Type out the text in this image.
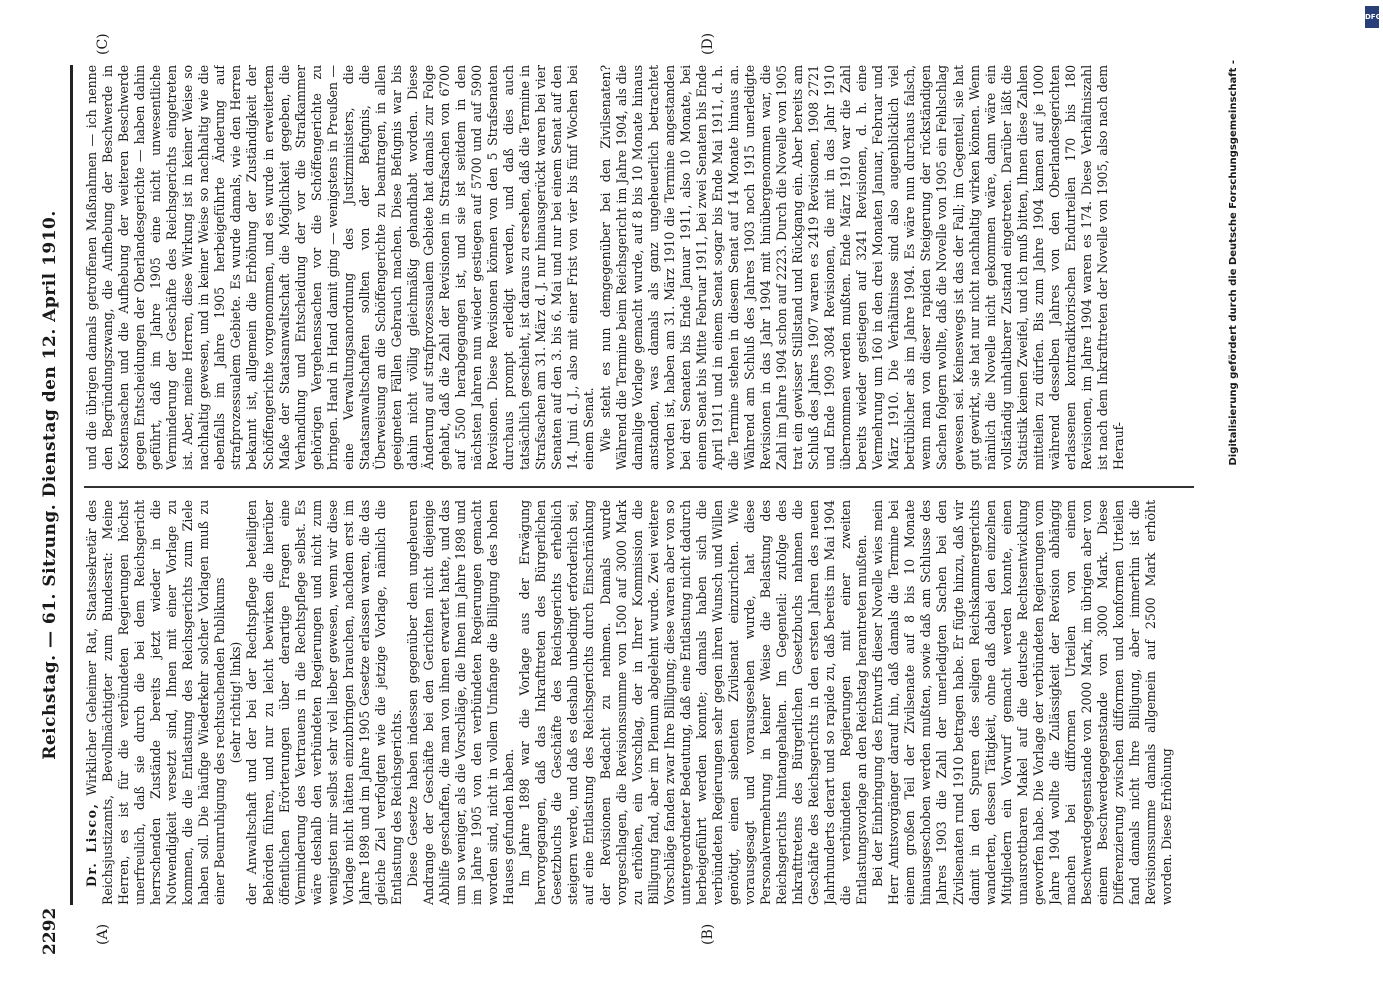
2292
Reichstag. — 61. Sitzung. Dienstag den 12. April 1910.
(A)	(B)
(C)	(D)

Dr. Lisco, Wirklicher Geheimer Rat, Staatssekretär des Reichsjustizamts, Bevollmächtigter zum Bundesrat: Meine Herren, es ist für die verbündeten Regierungen höchst unerfreulich, daß sie durch die bei dem Reichsgericht herrschenden Zustände bereits jetzt wieder in die Notwendigkeit versetzt sind, Ihnen mit einer Vorlage zu kommen, die die Entlastung des Reichsgerichts zum Ziele haben soll. Die häufige Wiederkehr solcher Vorlagen muß zu einer Beunruhigung des rechtsuchenden Publikums (sehr richtig! links) der Anwaltschaft und der bei der Rechtspflege beteiligten Behörden führen, und nur zu leicht bewirken die hierüber öffentlichen Erörterungen über derartige Fragen eine Verminderung des Vertrauens in die Rechtspflege selbst. Es wäre deshalb den verbündeten Regierungen und nicht zum wenigsten mir selbst sehr viel lieber gewesen, wenn wir diese Vorlage nicht hätten einzubringen brauchen, nachdem erst im Jahre 1898 und im Jahre 1905 Gesetze erlassen waren, die das gleiche Ziel verfolgten wie die jetzige Vorlage, nämlich die Entlastung des Reichsgerichts. Diese Gesetze haben indessen gegenüber dem ungeheuren Andrange der Geschäfte bei den Gerichten nicht diejenige Abhilfe geschaffen, die man von ihnen erwartet hatte, und das um so weniger, als die Vorschläge, die Ihnen im Jahre 1898 und im Jahre 1905 von den verbündeten Regierungen gemacht worden sind, nicht in vollem Umfange die Billigung des hohen Hauses gefunden haben. Im Jahre 1898 war die Vorlage aus der Erwägung hervorgegangen, daß das Inkrafttreten des Bürgerlichen Gesetzbuchs die Geschäfte des Reichsgerichts erheblich steigern werde, und daß es deshalb unbedingt erforderlich sei, auf eine Entlastung des Reichsgerichts durch Einschränkung der Revisionen Bedacht zu nehmen. Damals wurde vorgeschlagen, die Revisionssumme von 1500 auf 3000 Mark zu erhöhen, ein Vorschlag, der in Ihrer Kommission die Billigung fand, aber im Plenum abgelehnt wurde. Zwei weitere Vorschläge fanden zwar Ihre Billigung; diese waren aber von so untergeordneter Bedeutung, daß eine Entlastung nicht dadurch herbeigeführt werden konnte; damals haben sich die verbündeten Regierungen sehr gegen ihren Wunsch und Willen genötigt, einen siebenten Zivilsenat einzurichten. Wie vorausgesagt und vorausgesehen wurde, hat diese Personalvermehrung in keiner Weise die Belastung des Reichsgerichts hintangehalten. Im Gegenteil: zufolge des Inkrafttretens des Bürgerlichen Gesetzbuchs nahmen die Geschäfte des Reichsgerichts in den ersten Jahren des neuen Jahrhunderts derart und so rapide zu, daß bereits im Mai 1904 die verbündeten Regierungen mit einer zweiten Entlastungsvorlage an den Reichstag herantreten mußten. Bei der Einbringung des Entwurfs dieser Novelle wies mein Herr Amtsvorgänger darauf hin, daß damals die Termine bei einem großen Teil der Zivilsenate auf 8 bis 10 Monate hinausgeschoben werden mußten, sowie daß am Schlusse des Jahres 1903 die Zahl der unerledigten Sachen bei den Zivilsenaten rund 1910 betragen habe. Er fügte hinzu, daß wir damit in den Spuren des seligen Reichskammergerichts wanderten, dessen Tätigkeit, ohne daß dabei den einzelnen Mitgliedern ein Vorwurf gemacht werden konnte, einen unausrottbaren Makel auf die deutsche Rechtsentwicklung geworfen habe. Die Vorlage der verbündeten Regierungen vom Jahre 1904 wollte die Zulässigkeit der Revision abhängig machen bei difformen Urteilen von einem Beschwerdegegenstande von 2000 Mark, im übrigen aber von einem Beschwerdegegenstande von 3000 Mark. Diese Differenzierung zwischen difformen und konformen Urteilen fand damals nicht Ihre Billigung, aber immerhin ist die Revisionssumme damals allgemein auf 2500 Mark erhöht worden. Diese Erhöhung

und die übrigen damals getroffenen Maßnahmen — ich nenne den Begründungszwang, die Aufhebung der Beschwerde in Kostensachen und die Aufhebung der weiteren Beschwerde gegen Entscheidungen der Oberlandesgerichte — haben dahin geführt, daß im Jahre 1905 eine nicht unwesentliche Verminderung der Geschäfte des Reichsgerichts eingetreten ist. Aber, meine Herren, diese Wirkung ist in keiner Weise so nachhaltig gewesen, und in keiner Weise so nachhaltig wie die ebenfalls im Jahre 1905 herbeigeführte Änderung auf strafprozessualem Gebiete. Es wurde damals, wie den Herren bekannt ist, allgemein die Erhöhung der Zuständigkeit der Schöffengerichte vorgenommen, und es wurde in erweitertem Maße der Staatsanwaltschaft die Möglichkeit gegeben, die Verhandlung und Entscheidung der vor die Strafkammer gehörigen Vergehenssachen vor die Schöffengerichte zu bringen. Hand in Hand damit ging — wenigstens in Preußen — eine Verwaltungsanordnung des Justizministers, die Staatsanwaltschaften sollten von der Befugnis, die Überweisung an die Schöffengerichte zu beantragen, in allen geeigneten Fällen Gebrauch machen. Diese Befugnis war bis dahin nicht völlig gleichmäßig gehandhabt worden. Diese Änderung auf strafprozessualem Gebiete hat damals zur Folge gehabt, daß die Zahl der Revisionen in Strafsachen von 6700 auf 5500 herabgegangen ist, und sie ist seitdem in den nächsten Jahren nun wieder gestiegen auf 5700 und auf 5900 Revisionen. Diese Revisionen können von den 5 Strafsenaten durchaus prompt erledigt werden, und daß dies auch tatsächlich geschieht, ist daraus zu ersehen, daß die Termine in Strafsachen am 31. März d. J. nur hinausgerückt waren bei vier Senaten auf den 3. bis 6. Mai und nur bei einem Senat auf den 14. Juni d. J., also mit einer Frist von vier bis fünf Wochen bei einem Senat. Wie steht es nun demgegenüber bei den Zivilsenaten? Während die Termine beim Reichsgericht im Jahre 1904, als die damalige Vorlage gemacht wurde, auf 8 bis 10 Monate hinaus anstanden, was damals als ganz ungeheuerlich betrachtet worden ist, haben am 31. März 1910 die Termine angestanden bei drei Senaten bis Ende Januar 1911, also 10 Monate, bei einem Senat bis Mitte Februar 1911, bei zwei Senaten bis Ende April 1911 und in einem Senat sogar bis Ende Mai 1911, d. h. die Termine stehen in diesem Senat auf 14 Monate hinaus an. Während am Schluß des Jahres 1903 noch 1915 unerledigte Revisionen in das Jahr 1904 mit hinübergenommen war, die Zahl im Jahre 1904 schon auf 2223. Durch die Novelle von 1905 trat ein gewisser Stillstand und Rückgang ein. Aber bereits am Schluß des Jahres 1907 waren es 2419 Revisionen, 1908 2721 und Ende 1909 3084 Revisionen, die mit in das Jahr 1910 übernommen werden mußten. Ende März 1910 war die Zahl bereits wieder gestiegen auf 3241 Revisionen, d. h. eine Vermehrung um 160 in den drei Monaten Januar, Februar und März 1910. Die Verhältnisse sind also augenblicklich viel betrüblicher als im Jahre 1904. Es wäre nun durchaus falsch, wenn man von dieser rapiden Steigerung der rückständigen Sachen folgern wollte, daß die Novelle von 1905 ein Fehlschlag gewesen sei. Keineswegs ist das der Fall; im Gegenteil, sie hat gut gewirkt, sie hat nur nicht nachhaltig wirken können. Wenn nämlich die Novelle nicht gekommen wäre, dann wäre ein vollständig unhaltbarer Zustand eingetreten. Darüber läßt die Statistik keinen Zweifel, und ich muß bitten, Ihnen diese Zahlen mitteilen zu dürfen. Bis zum Jahre 1904 kamen auf je 1000 während desselben Jahres von den Oberlandesgerichten erlassenen kontradiktorischen Endurteilen 170 bis 180 Revisionen, im Jahre 1904 waren es 174. Diese Verhältniszahl ist nach dem Inkrafttreten der Novelle von 1905, also nach dem Herauf-	Digitalisierung gefördert durch die Deutsche Forschungsgemeinschaft -
DFG
